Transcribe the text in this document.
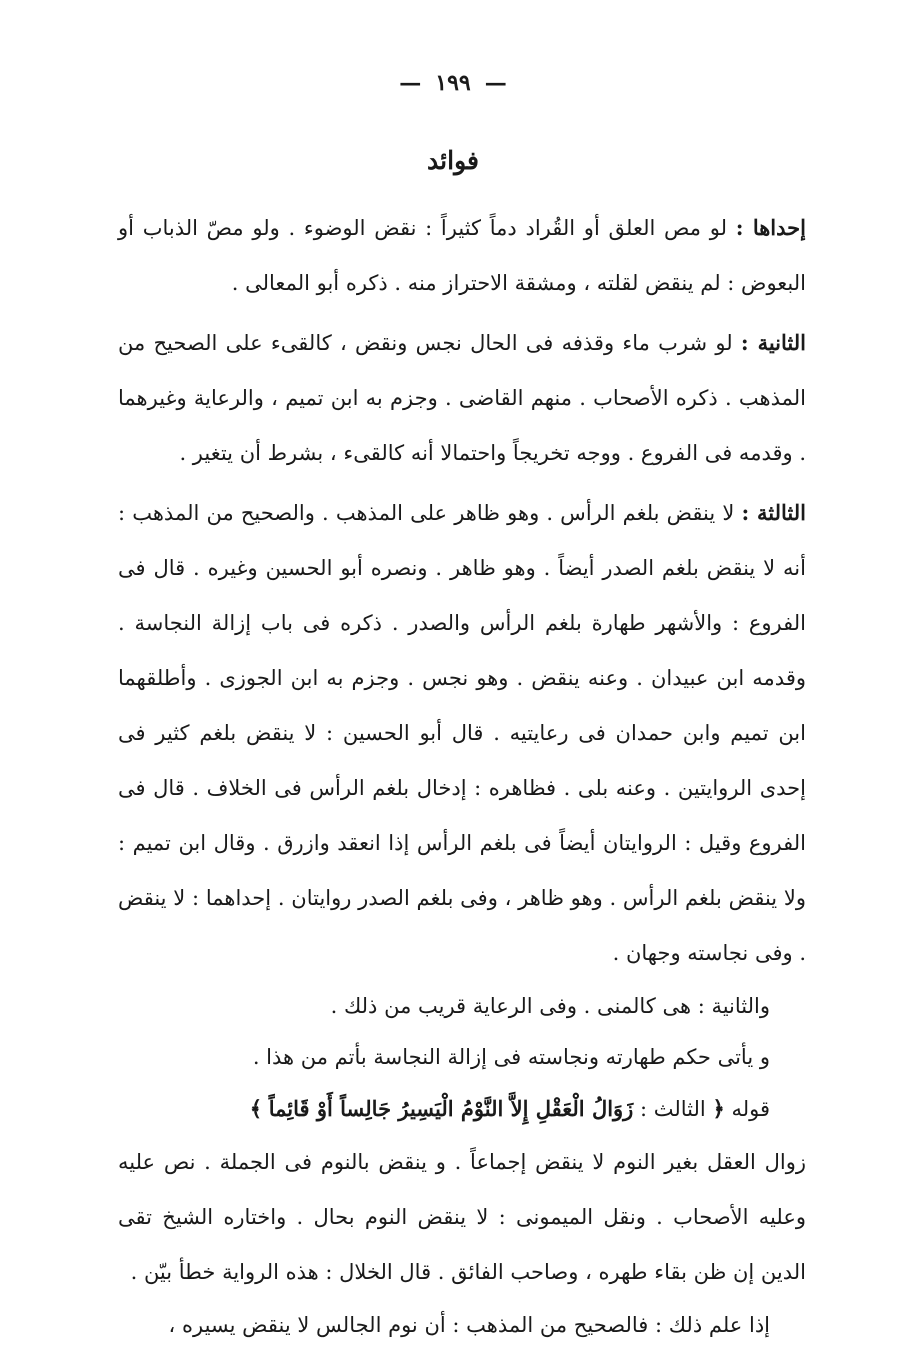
—١٩٩—
فوائد

إحداها : لو مص العلق أو القُراد دماً كثيراً : نقض الوضوء . ولو مصّ الذباب أو البعوض : لم ينقض لقلته ، ومشقة الاحتراز منه . ذكره أبو المعالى .

الثانية : لو شرب ماء وقذفه فى الحال نجس ونقض ، كالقىء على الصحيح من المذهب . ذكره الأصحاب . منهم القاضى . وجزم به ابن تميم ، والرعاية وغيرهما . وقدمه فى الفروع . ووجه تخريجاً واحتمالا أنه كالقىء ، بشرط أن يتغير .

الثالثة : لا ينقض بلغم الرأس . وهو ظاهر على المذهب . والصحيح من المذهب : أنه لا ينقض بلغم الصدر أيضاً . وهو ظاهر . ونصره أبو الحسين وغيره . قال فى الفروع : والأشهر طهارة بلغم الرأس والصدر . ذكره فى باب إزالة النجاسة . وقدمه ابن عبيدان . وعنه ينقض . وهو نجس . وجزم به ابن الجوزى . وأطلقهما ابن تميم وابن حمدان فى رعايتيه . قال أبو الحسين : لا ينقض بلغم كثير فى إحدى الروايتين . وعنه بلى . فظاهره : إدخال بلغم الرأس فى الخلاف . قال فى الفروع وقيل : الروايتان أيضاً فى بلغم الرأس إذا انعقد وازرق . وقال ابن تميم : ولا ينقض بلغم الرأس . وهو ظاهر ، وفى بلغم الصدر روايتان . إحداهما : لا ينقض . وفى نجاسته وجهان .

والثانية : هى كالمنى . وفى الرعاية قريب من ذلك .

و يأتى حكم طهارته ونجاسته فى إزالة النجاسة بأتم من هذا .

قوله ﴿ الثالث : زَوَالُ الْعَقْلِ إِلاَّ النَّوْمُ الْيَسِيرُ جَالِساً أَوْ قَائِماً ﴾

زوال العقل بغير النوم لا ينقض إجماعاً . و ينقض بالنوم فى الجملة . نص عليه وعليه الأصحاب . ونقل الميمونى : لا ينقض النوم بحال . واختاره الشيخ تقى الدين إن ظن بقاء طهره ، وصاحب الفائق . قال الخلال : هذه الرواية خطأ بيّن .

إذا علم ذلك : فالصحيح من المذهب : أن نوم الجالس لا ينقض يسيره ،
